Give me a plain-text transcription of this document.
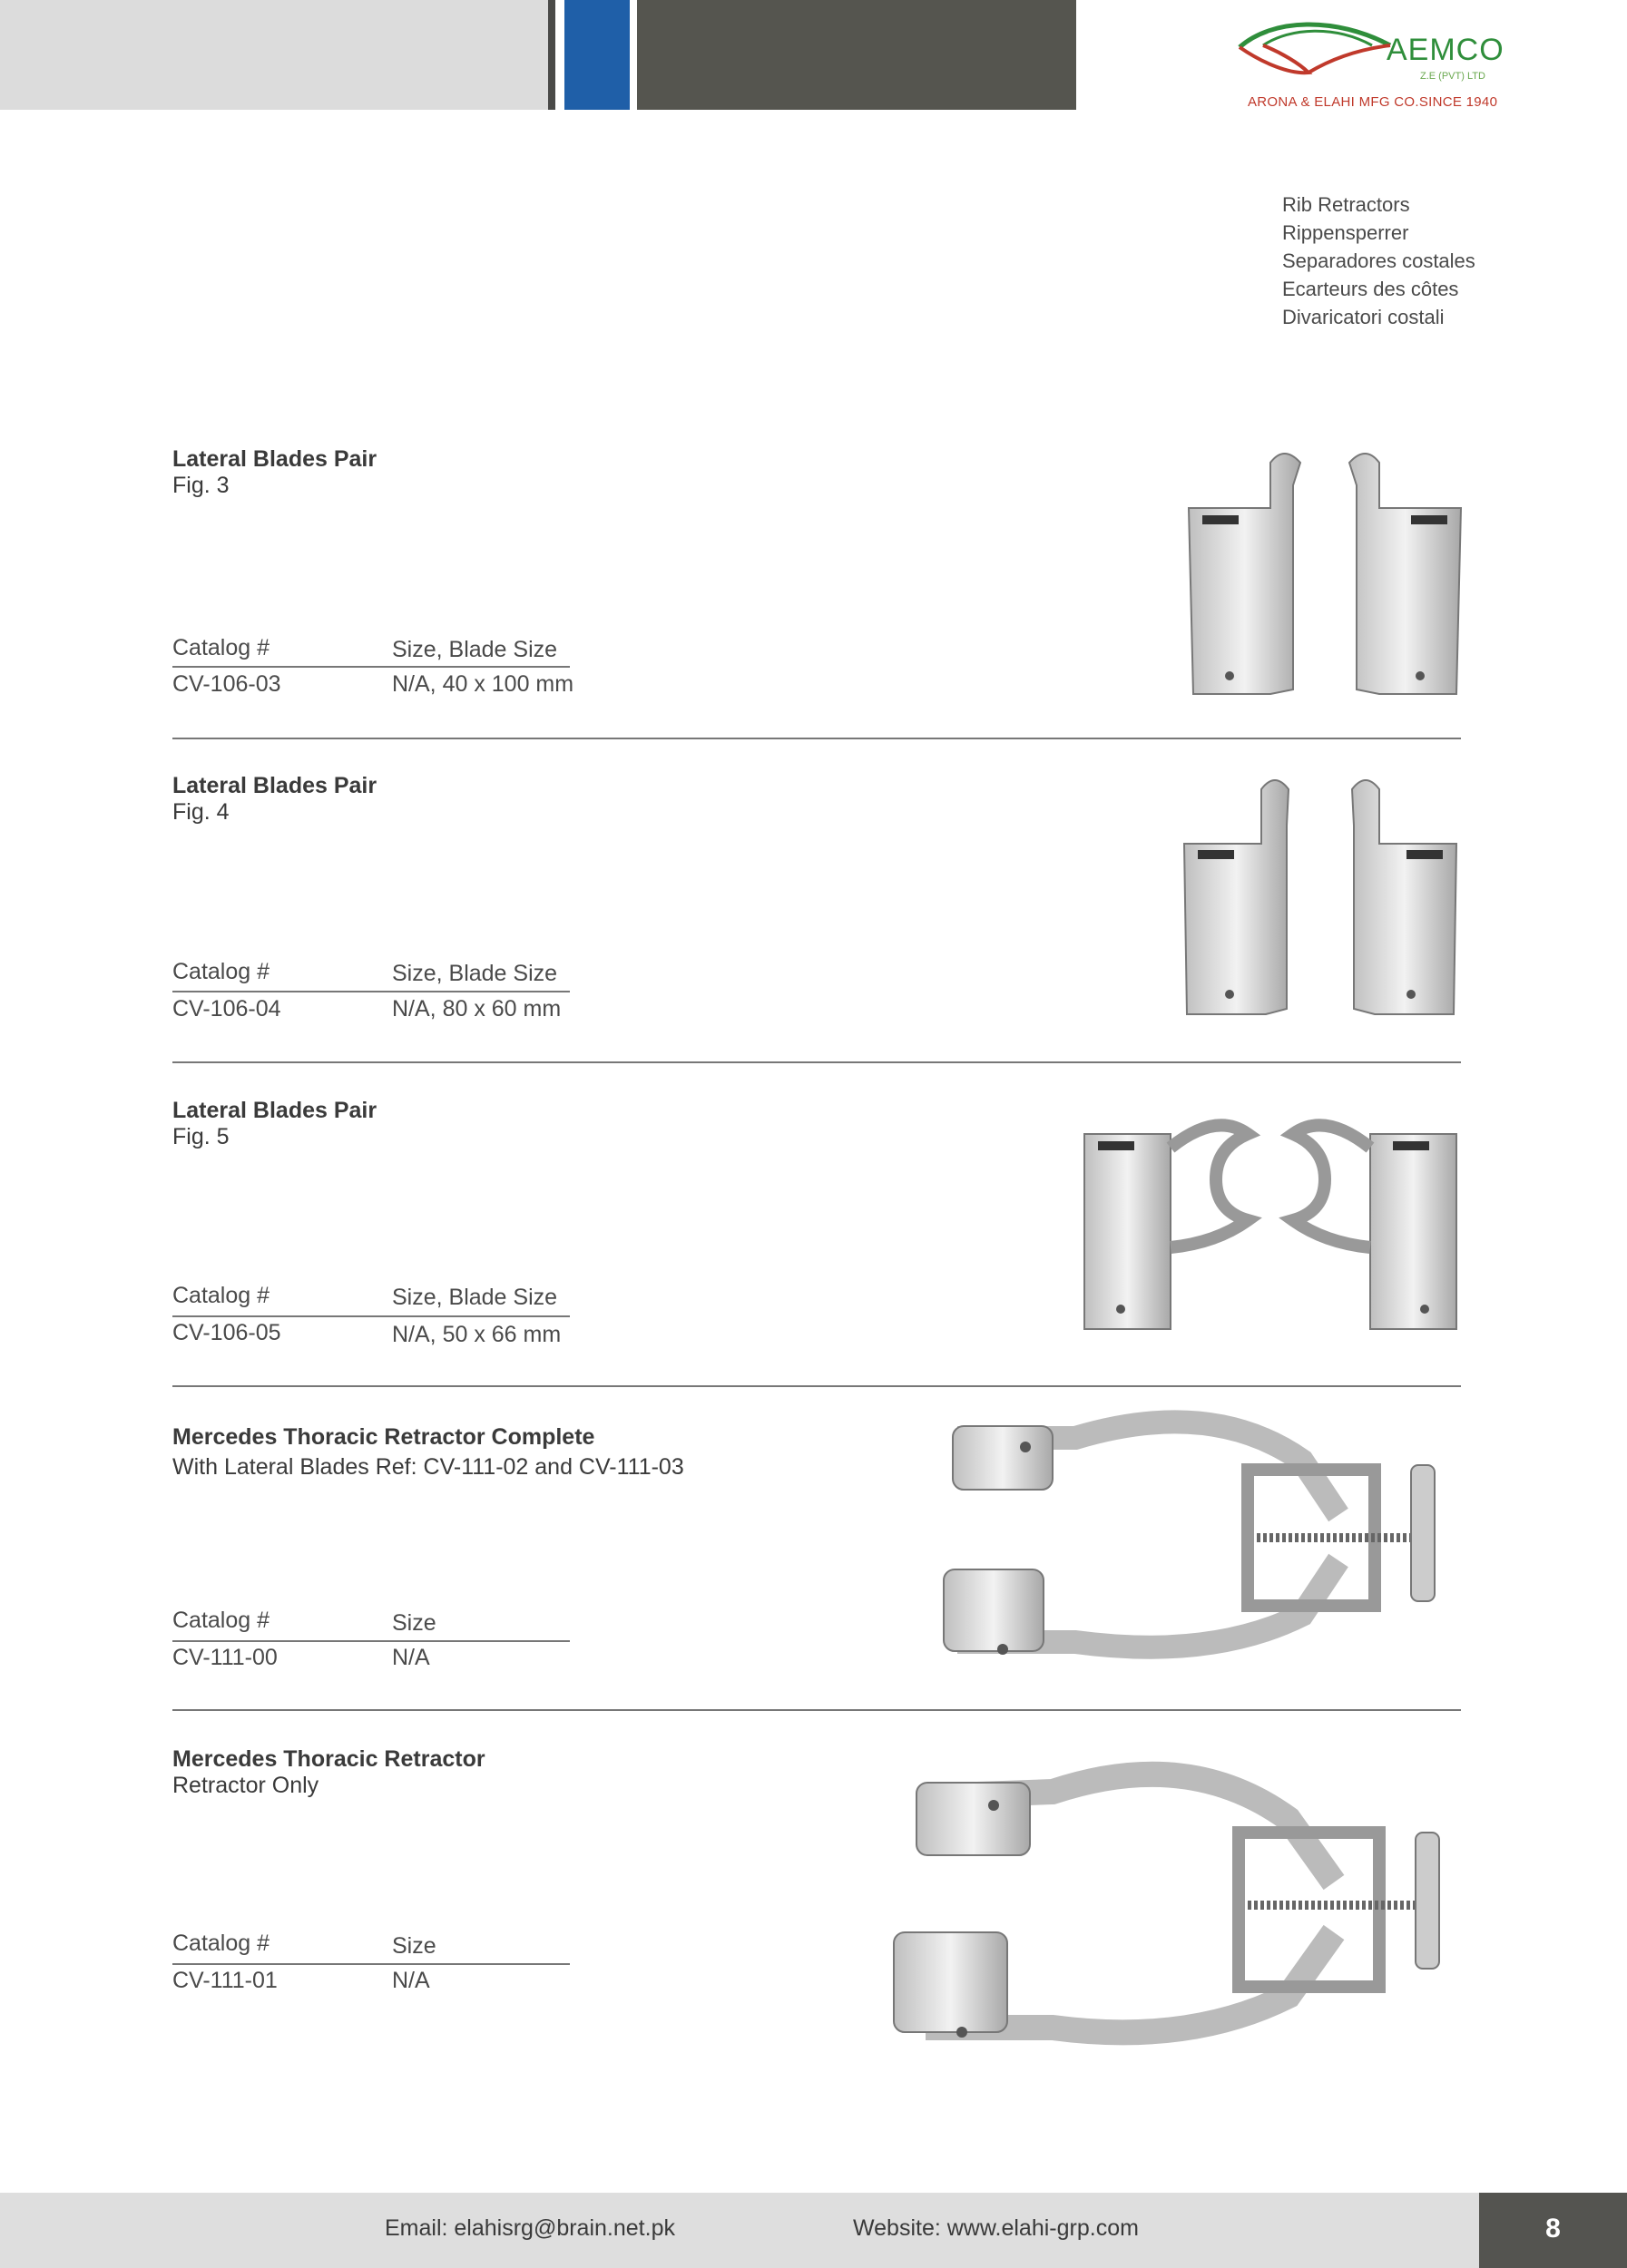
AEMCO
Z.E (PVT) LTD
ARONA & ELAHI MFG CO.SINCE 1940
Rib Retractors
Rippensperrer
Separadores costales
Ecarteurs des côtes
Divaricatori costali
Lateral Blades Pair
Fig. 3
Catalog #	Size, Blade Size
CV-106-03	N/A, 40 x 100 mm
Lateral Blades Pair
Fig. 4
Catalog #	Size, Blade Size
CV-106-04	N/A, 80 x 60 mm
Lateral Blades Pair
Fig. 5
Catalog #	Size, Blade Size
CV-106-05	N/A, 50 x 66 mm
Mercedes Thoracic Retractor Complete
With Lateral Blades Ref: CV-111-02 and CV-111-03
Catalog #	Size
CV-111-00	N/A
Mercedes Thoracic Retractor
Retractor Only
Catalog #	Size
CV-111-01	N/A
Email: elahisrg@brain.net.pk	Website: www.elahi-grp.com	8
